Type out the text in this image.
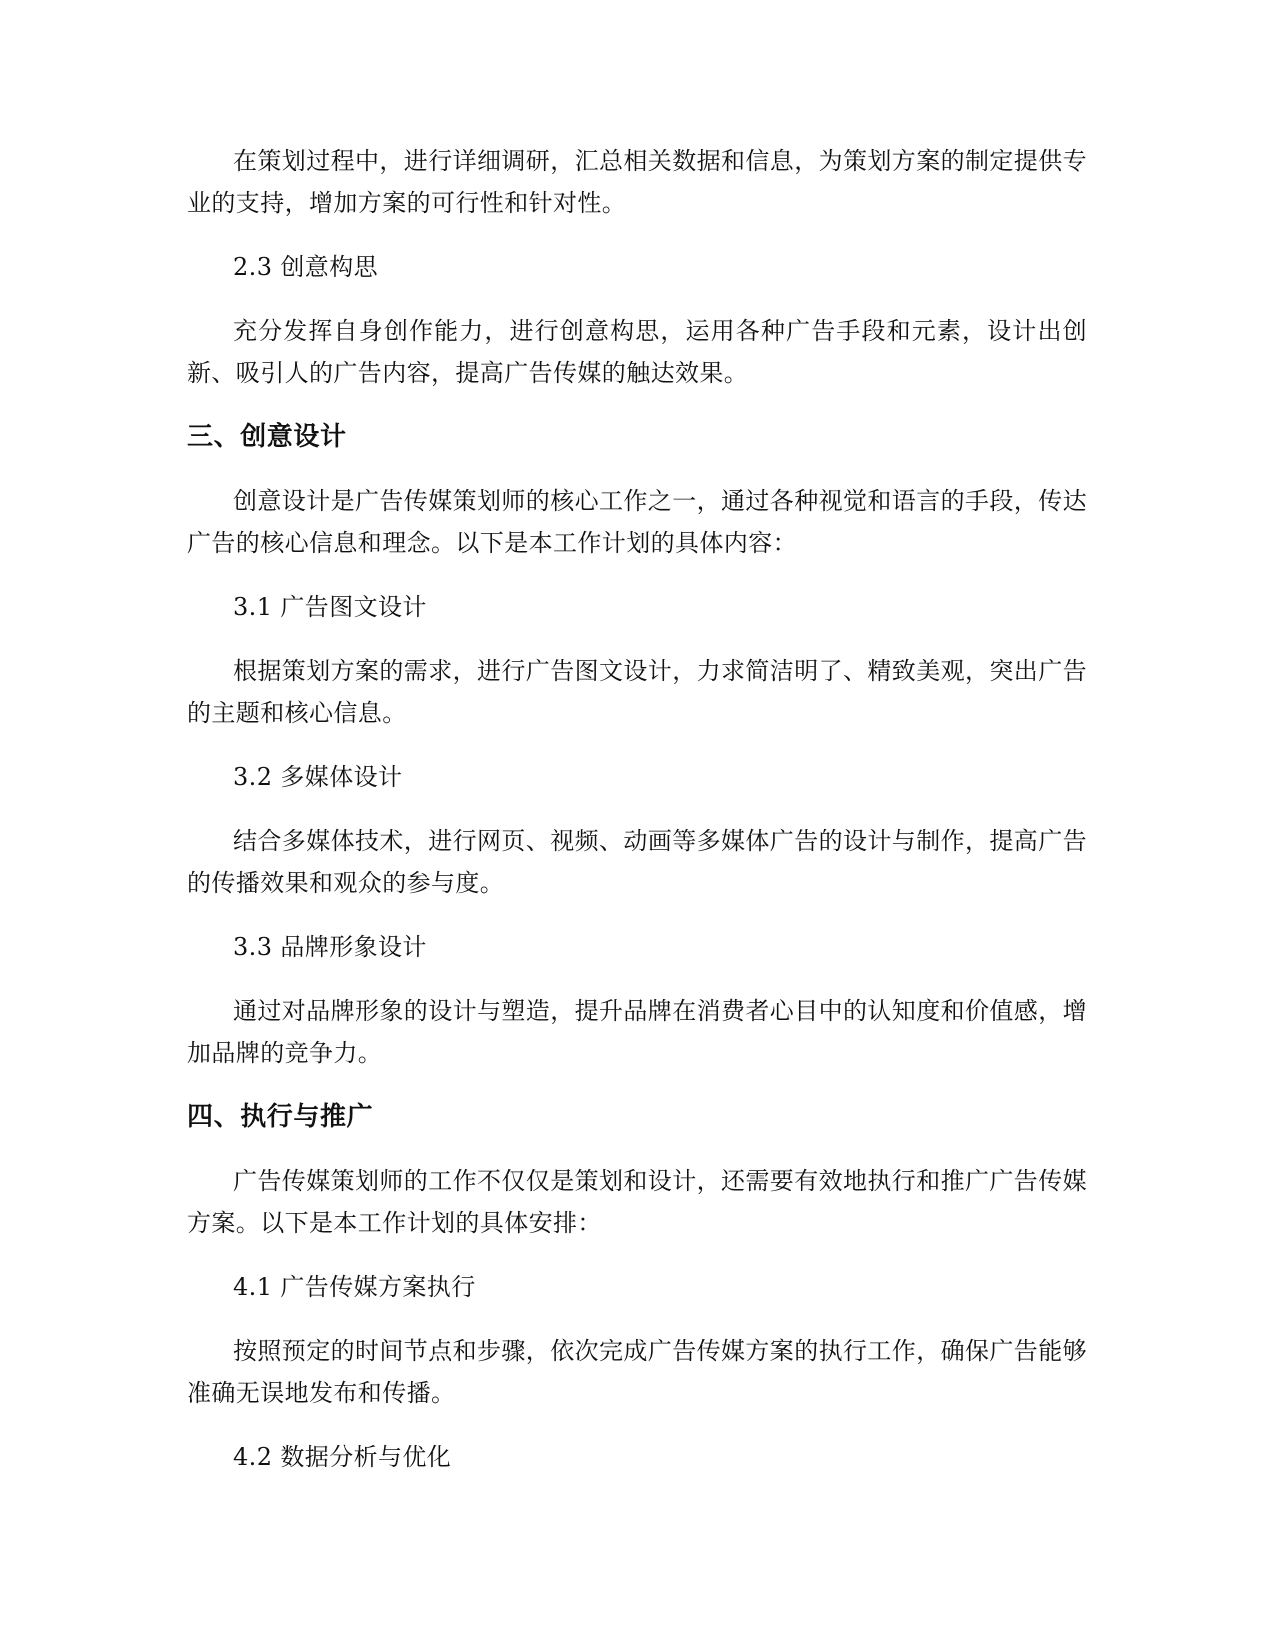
在策划过程中，进行详细调研，汇总相关数据和信息，为策划方案的制定提供专业的支持，增加方案的可行性和针对性。

2.3 创意构思

充分发挥自身创作能力，进行创意构思，运用各种广告手段和元素，设计出创新、吸引人的广告内容，提高广告传媒的触达效果。

三、创意设计

创意设计是广告传媒策划师的核心工作之一，通过各种视觉和语言的手段，传达广告的核心信息和理念。以下是本工作计划的具体内容：

3.1 广告图文设计

根据策划方案的需求，进行广告图文设计，力求简洁明了、精致美观，突出广告的主题和核心信息。

3.2 多媒体设计

结合多媒体技术，进行网页、视频、动画等多媒体广告的设计与制作，提高广告的传播效果和观众的参与度。

3.3 品牌形象设计

通过对品牌形象的设计与塑造，提升品牌在消费者心目中的认知度和价值感，增加品牌的竞争力。

四、执行与推广

广告传媒策划师的工作不仅仅是策划和设计，还需要有效地执行和推广广告传媒方案。以下是本工作计划的具体安排：

4.1 广告传媒方案执行

按照预定的时间节点和步骤，依次完成广告传媒方案的执行工作，确保广告能够准确无误地发布和传播。

4.2 数据分析与优化
